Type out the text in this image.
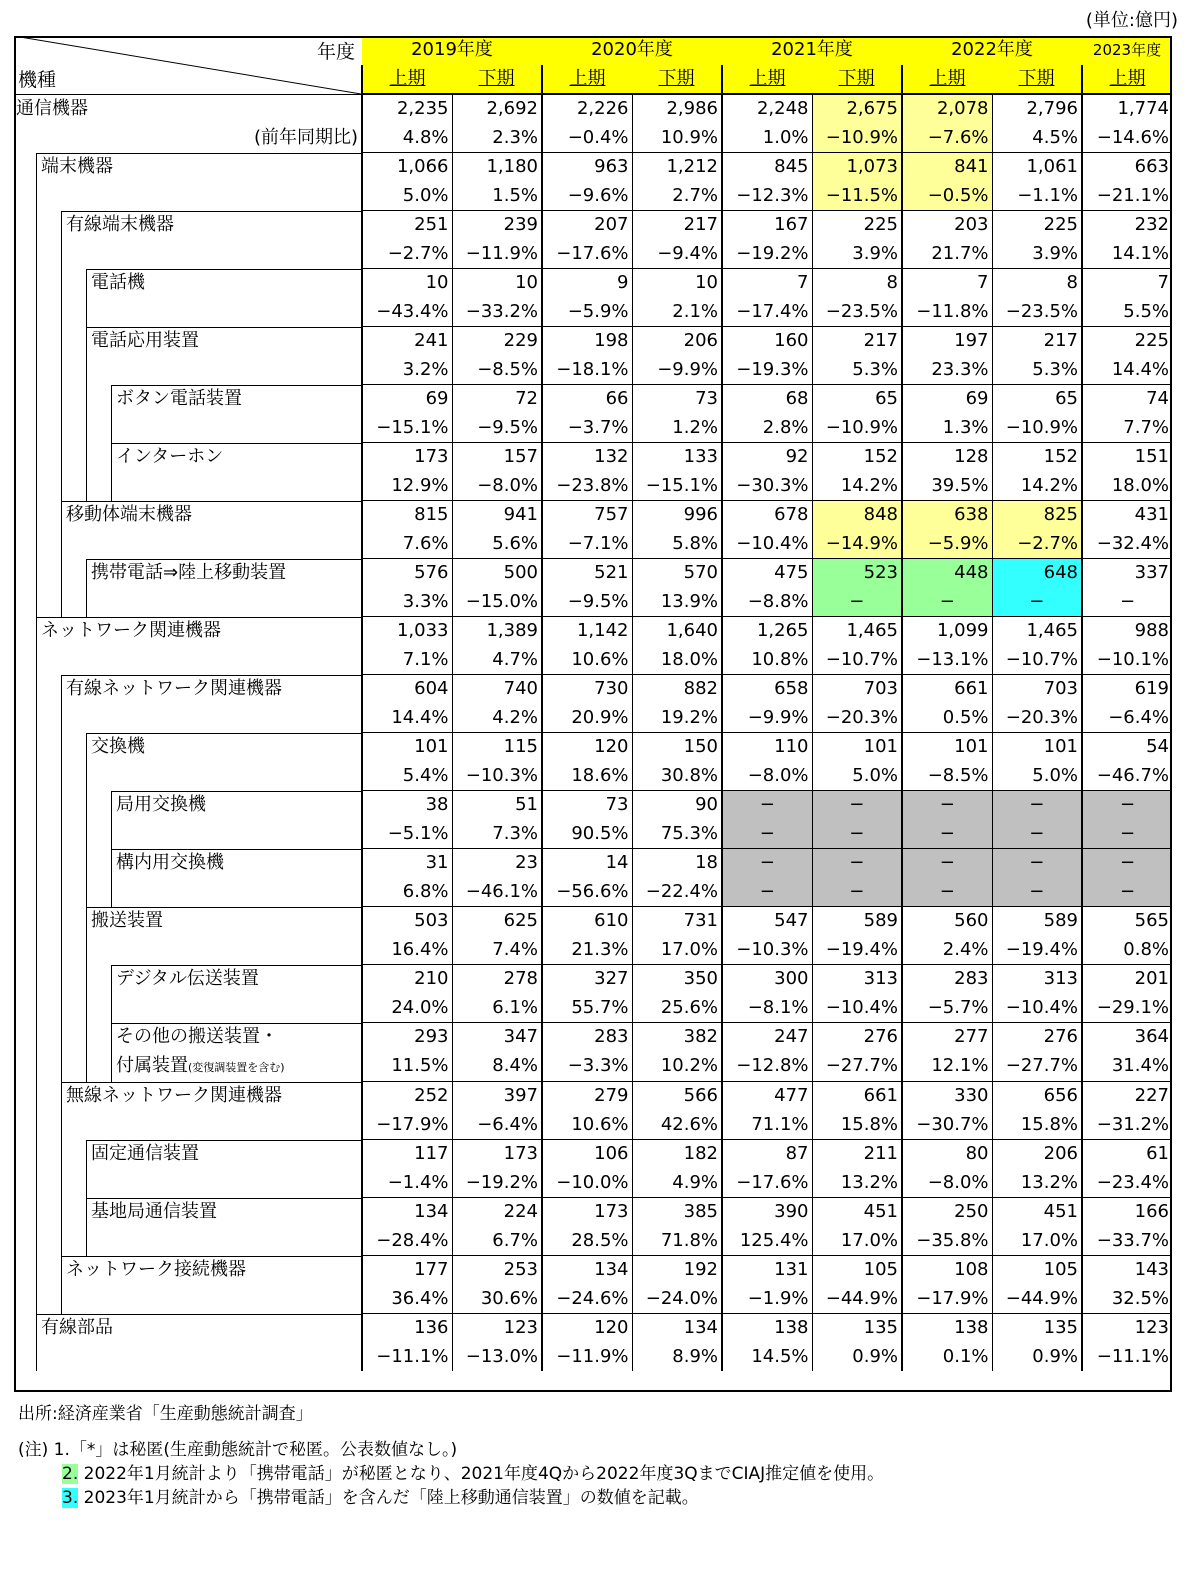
(単位:億円)
年度
機種	2019年度		2020年度		2021年度		2022年度		2023年度
	上期	下期	上期	下期	上期	下期	上期	下期	上期
通信機器	2,235	2,692	2,226	2,986	2,248	2,675	2,078	2,796	1,774
(前年同期比)	4.8%	2.3%	−0.4%	10.9%	1.0%	−10.9%	−7.6%	4.5%	−14.6%
端末機器	1,066	1,180	963	1,212	845	1,073	841	1,061	663
	5.0%	1.5%	−9.6%	2.7%	−12.3%	−11.5%	−0.5%	−1.1%	−21.1%
有線端末機器	251	239	207	217	167	225	203	225	232
	−2.7%	−11.9%	−17.6%	−9.4%	−19.2%	3.9%	21.7%	3.9%	14.1%
電話機	10	10	9	10	7	8	7	8	7
	−43.4%	−33.2%	−5.9%	2.1%	−17.4%	−23.5%	−11.8%	−23.5%	5.5%
電話応用装置	241	229	198	206	160	217	197	217	225
	3.2%	−8.5%	−18.1%	−9.9%	−19.3%	5.3%	23.3%	5.3%	14.4%
ボタン電話装置	69	72	66	73	68	65	69	65	74
	−15.1%	−9.5%	−3.7%	1.2%	2.8%	−10.9%	1.3%	−10.9%	7.7%
インターホン	173	157	132	133	92	152	128	152	151
	12.9%	−8.0%	−23.8%	−15.1%	−30.3%	14.2%	39.5%	14.2%	18.0%
移動体端末機器	815	941	757	996	678	848	638	825	431
	7.6%	5.6%	−7.1%	5.8%	−10.4%	−14.9%	−5.9%	−2.7%	−32.4%
携帯電話⇒陸上移動装置	576	500	521	570	475	523	448	648	337
	3.3%	−15.0%	−9.5%	13.9%	−8.8%	−	−	−	−
ネットワーク関連機器	1,033	1,389	1,142	1,640	1,265	1,465	1,099	1,465	988
	7.1%	4.7%	10.6%	18.0%	10.8%	−10.7%	−13.1%	−10.7%	−10.1%
有線ネットワーク関連機器	604	740	730	882	658	703	661	703	619
	14.4%	4.2%	20.9%	19.2%	−9.9%	−20.3%	0.5%	−20.3%	−6.4%
交換機	101	115	120	150	110	101	101	101	54
	5.4%	−10.3%	18.6%	30.8%	−8.0%	5.0%	−8.5%	5.0%	−46.7%
局用交換機	38	51	73	90	−	−	−	−	−
	−5.1%	7.3%	90.5%	75.3%	−	−	−	−	−
構内用交換機	31	23	14	18	−	−	−	−	−
	6.8%	−46.1%	−56.6%	−22.4%	−	−	−	−	−
搬送装置	503	625	610	731	547	589	560	589	565
	16.4%	7.4%	21.3%	17.0%	−10.3%	−19.4%	2.4%	−19.4%	0.8%
デジタル伝送装置	210	278	327	350	300	313	283	313	201
	24.0%	6.1%	55.7%	25.6%	−8.1%	−10.4%	−5.7%	−10.4%	−29.1%
その他の搬送装置・	293	347	283	382	247	276	277	276	364
付属装置(変復調装置を含む)	11.5%	8.4%	−3.3%	10.2%	−12.8%	−27.7%	12.1%	−27.7%	31.4%
無線ネットワーク関連機器	252	397	279	566	477	661	330	656	227
	−17.9%	−6.4%	10.6%	42.6%	71.1%	15.8%	−30.7%	15.8%	−31.2%
固定通信装置	117	173	106	182	87	211	80	206	61
	−1.4%	−19.2%	−10.0%	4.9%	−17.6%	13.2%	−8.0%	13.2%	−23.4%
基地局通信装置	134	224	173	385	390	451	250	451	166
	−28.4%	6.7%	28.5%	71.8%	125.4%	17.0%	−35.8%	17.0%	−33.7%
ネットワーク接続機器	177	253	134	192	131	105	108	105	143
	36.4%	30.6%	−24.6%	−24.0%	−1.9%	−44.9%	−17.9%	−44.9%	32.5%
有線部品	136	123	120	134	138	135	138	135	123
	−11.1%	−13.0%	−11.9%	8.9%	14.5%	0.9%	0.1%	0.9%	−11.1%
出所:経済産業省「生産動態統計調査」
(注) 1.「*」は秘匿(生産動態統計で秘匿。公表数値なし。)
2. 2022年1月統計より「携帯電話」が秘匿となり、2021年度4Qから2022年度3QまでCIAJ推定値を使用。
3. 2023年1月統計から「携帯電話」を含んだ「陸上移動通信装置」の数値を記載。
